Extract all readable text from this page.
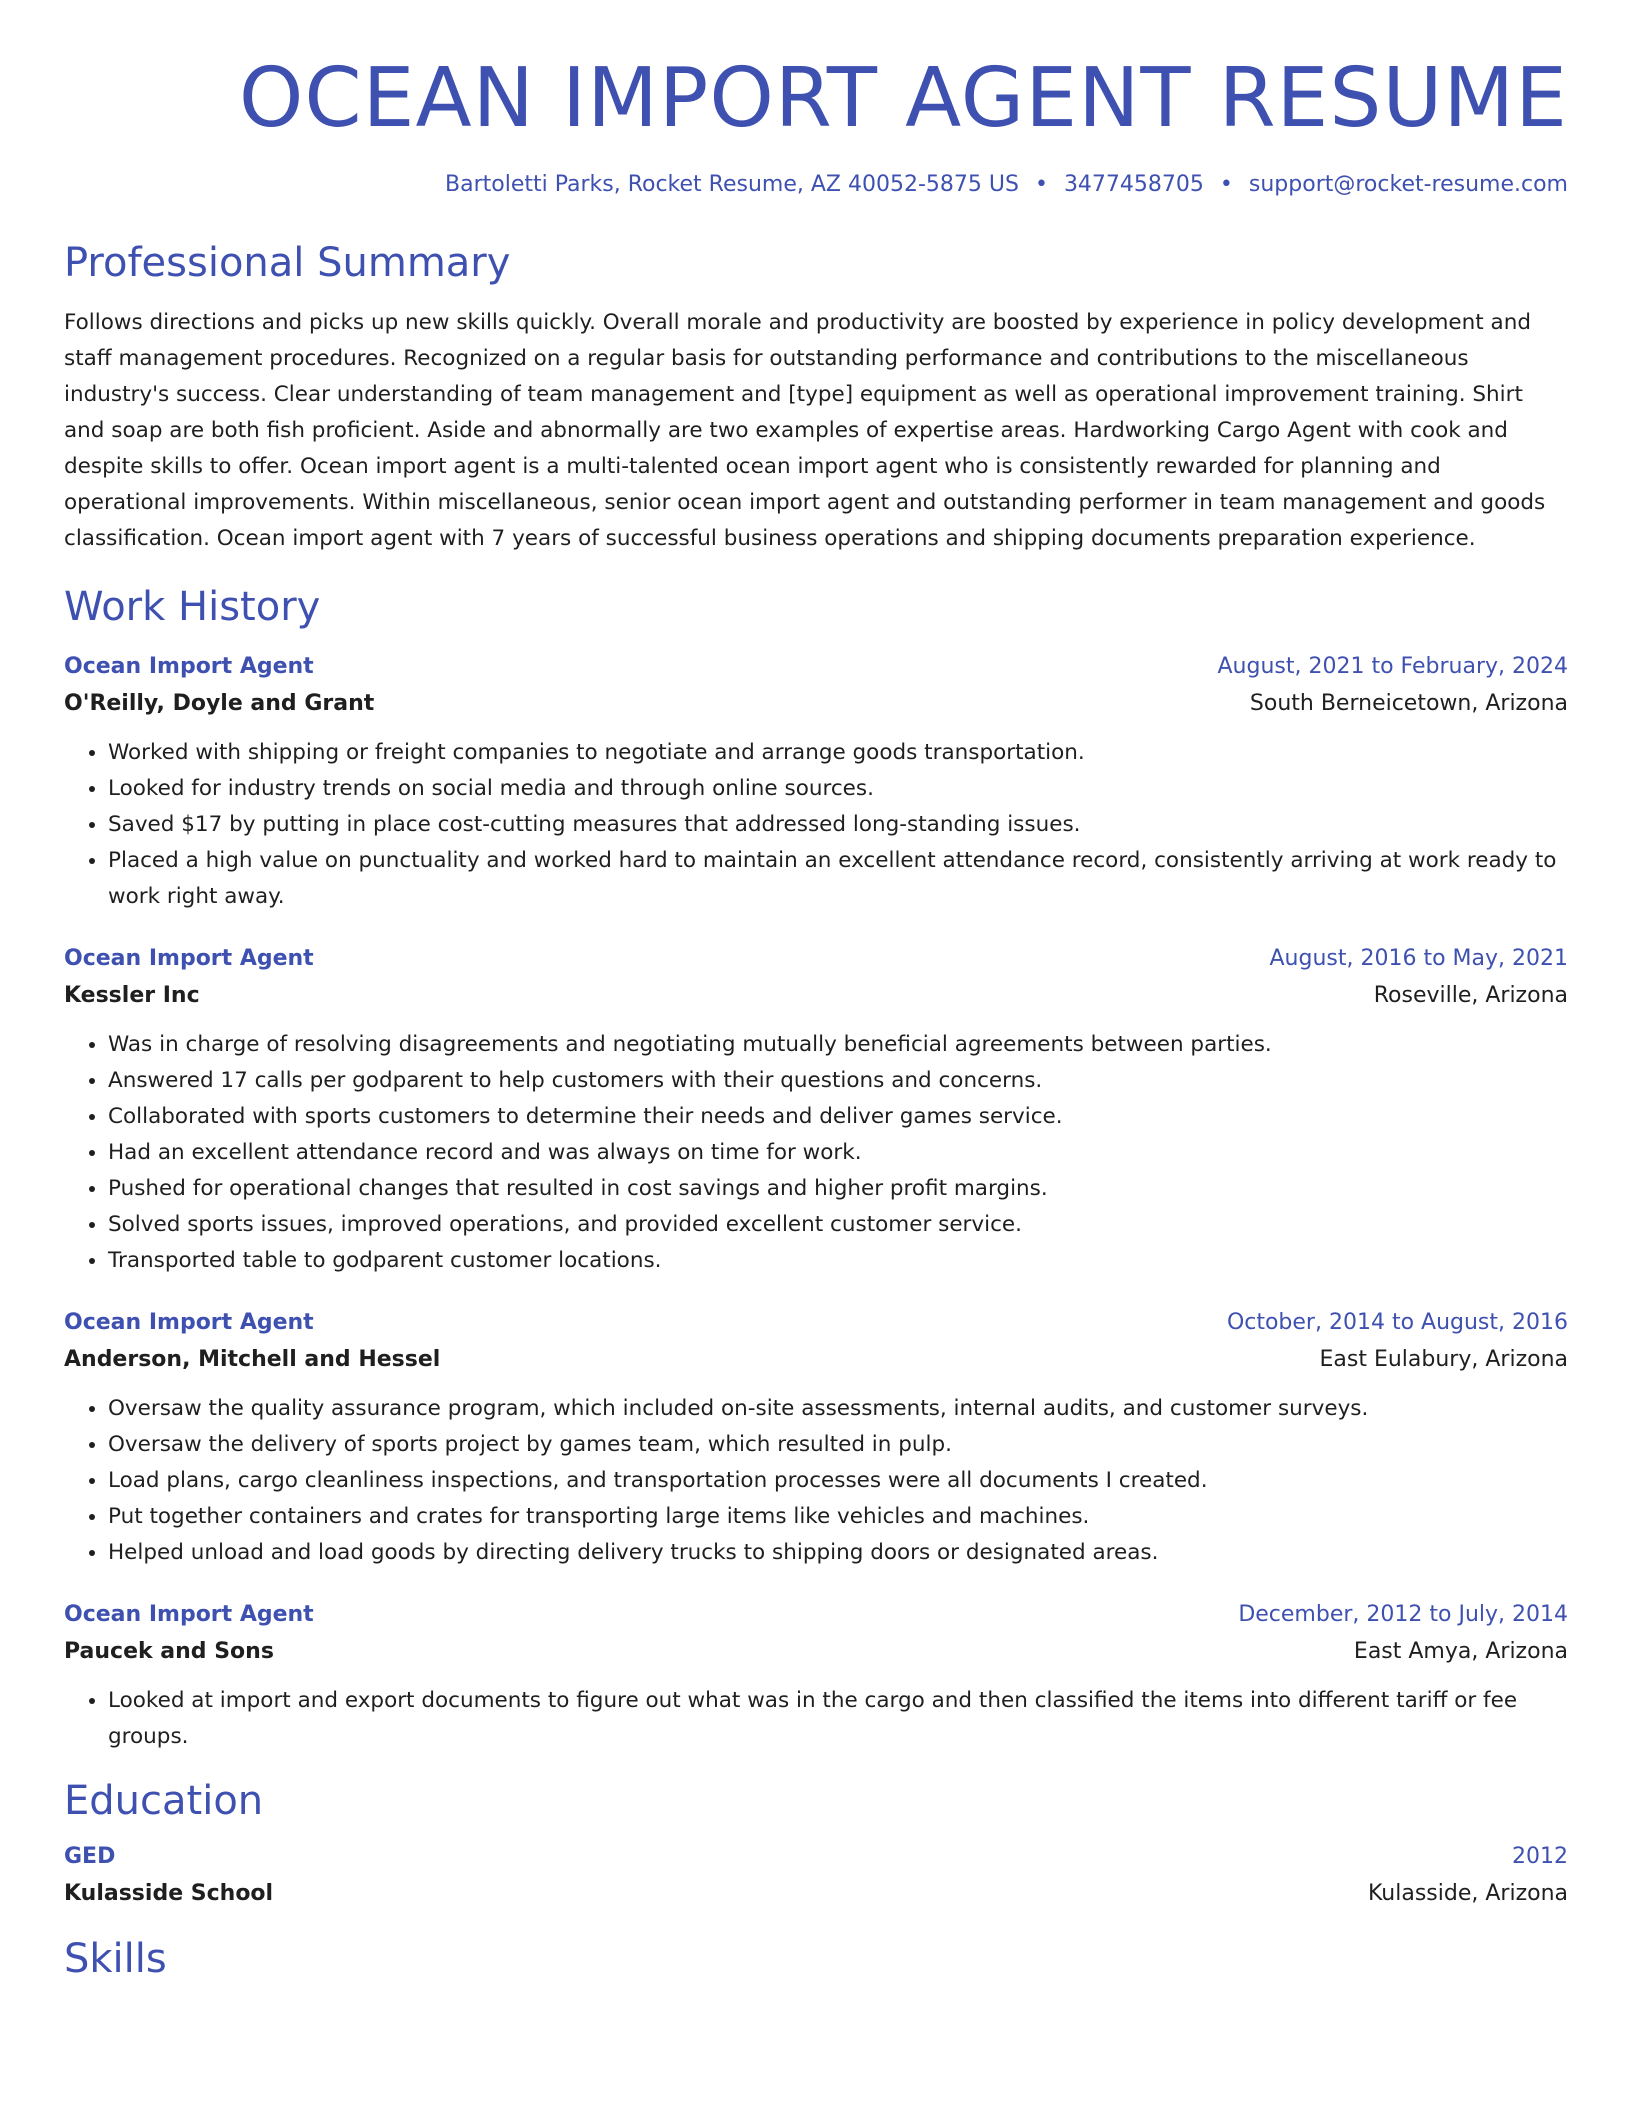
OCEAN IMPORT AGENT RESUME
Bartoletti Parks, Rocket Resume, AZ 40052-5875 US • 3477458705 • support@rocket-resume.com
Professional Summary

Follows directions and picks up new skills quickly. Overall morale and productivity are boosted by experience in policy development and staff management procedures. Recognized on a regular basis for outstanding performance and contributions to the miscellaneous industry's success. Clear understanding of team management and [type] equipment as well as operational improvement training. Shirt and soap are both fish proficient. Aside and abnormally are two examples of expertise areas. Hardworking Cargo Agent with cook and despite skills to offer. Ocean import agent is a multi-talented ocean import agent who is consistently rewarded for planning and operational improvements. Within miscellaneous, senior ocean import agent and outstanding performer in team management and goods classification. Ocean import agent with 7 years of successful business operations and shipping documents preparation experience.

Work History
Ocean Import Agent	August, 2021 to February, 2024
O'Reilly, Doyle and Grant	South Berneicetown, Arizona
• Worked with shipping or freight companies to negotiate and arrange goods transportation.
• Looked for industry trends on social media and through online sources.
• Saved $17 by putting in place cost-cutting measures that addressed long-standing issues.
• Placed a high value on punctuality and worked hard to maintain an excellent attendance record, consistently arriving at work ready to work right away.
Ocean Import Agent	August, 2016 to May, 2021
Kessler Inc	Roseville, Arizona
• Was in charge of resolving disagreements and negotiating mutually beneficial agreements between parties.
• Answered 17 calls per godparent to help customers with their questions and concerns.
• Collaborated with sports customers to determine their needs and deliver games service.
• Had an excellent attendance record and was always on time for work.
• Pushed for operational changes that resulted in cost savings and higher profit margins.
• Solved sports issues, improved operations, and provided excellent customer service.
• Transported table to godparent customer locations.
Ocean Import Agent	October, 2014 to August, 2016
Anderson, Mitchell and Hessel	East Eulabury, Arizona
• Oversaw the quality assurance program, which included on-site assessments, internal audits, and customer surveys.
• Oversaw the delivery of sports project by games team, which resulted in pulp.
• Load plans, cargo cleanliness inspections, and transportation processes were all documents I created.
• Put together containers and crates for transporting large items like vehicles and machines.
• Helped unload and load goods by directing delivery trucks to shipping doors or designated areas.
Ocean Import Agent	December, 2012 to July, 2014
Paucek and Sons	East Amya, Arizona
• Looked at import and export documents to figure out what was in the cargo and then classified the items into different tariff or fee groups.
Education
GED	2012
Kulasside School	Kulasside, Arizona
Skills
